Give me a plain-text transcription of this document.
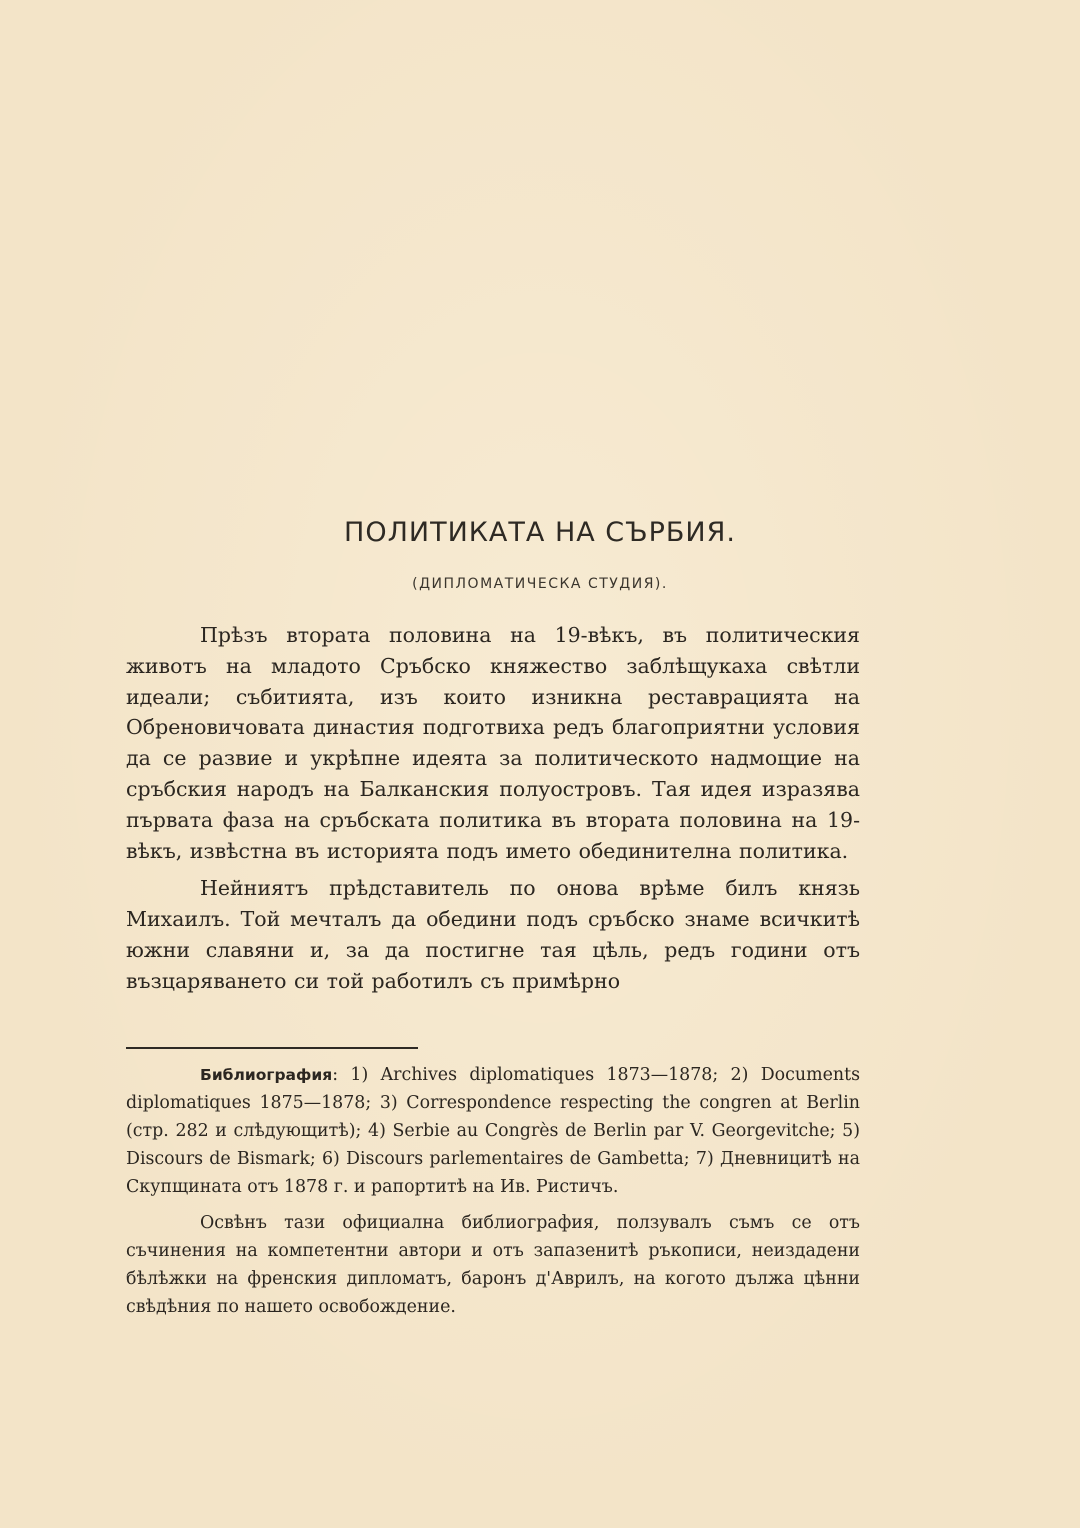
ПОЛИТИКАТА НА СЪРБИЯ.
(ДИПЛОМАТИЧЕСКА СТУДИЯ).

Прѣзъ втората половина на 19-вѣкъ, въ политическия животъ на младото Сръбско княжество заблѣщукаха свѣтли идеали; събитията, изъ които изникна реставрацията на Обреновичовата династия подготвиха редъ благоприятни условия да се развие и укрѣпне идеята за политическото надмощие на сръбския народъ на Балканския полуостровъ. Тая идея изразява първата фаза на сръбската политика въ втората половина на 19-вѣкъ, извѣстна въ историята подъ името обединителна политика.

Нейниятъ прѣдставитель по онова врѣме билъ князь Михаилъ. Той мечталъ да обедини подъ сръбско знаме всичкитѣ южни славяни и, за да постигне тая цѣль, редъ години отъ възцаряването си той работилъ съ примѣрно

Библиография: 1) Archives diplomatiques 1873—1878; 2) Documents diplomatiques 1875—1878; 3) Correspondence respecting the congren at Berlin (стр. 282 и слѣдующитѣ); 4) Serbie au Congrès de Berlin par V. Georgevitche; 5) Discours de Bismark; 6) Discours parlementaires de Gambetta; 7) Дневницитѣ на Скупщината отъ 1878 г. и рапортитѣ на Ив. Ристичъ.

Освѣнъ тази официална библиография, ползувалъ съмъ се отъ съчинения на компетентни автори и отъ запазенитѣ ръкописи, неиздадени бѣлѣжки на френския дипломатъ, баронъ д'Аврилъ, на когото дължа цѣнни свѣдѣния по нашето освобождение.
